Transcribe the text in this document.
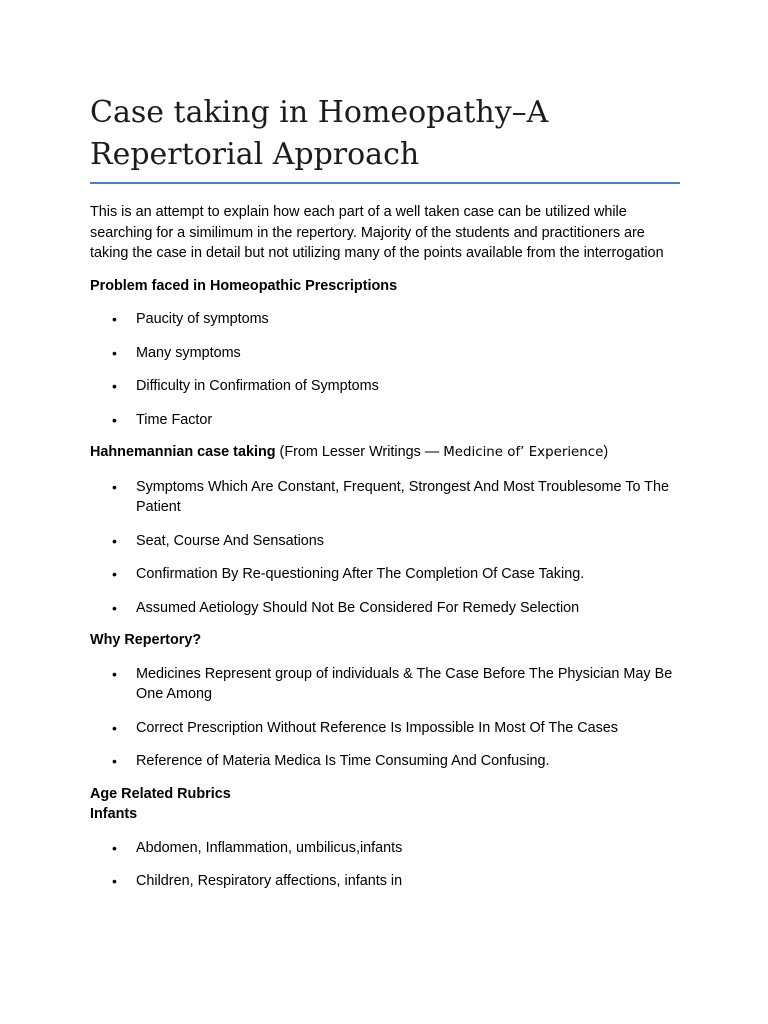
Case taking in Homeopathy–A
Repertorial Approach

This is an attempt to explain how each part of a well taken case can be utilized while searching for a similimum in the repertory. Majority of the students and practitioners are taking the case in detail but not utilizing many of the points available from the interrogation

Problem faced in Homeopathic Prescriptions

• Paucity of symptoms
• Many symptoms
• Difficulty in Confirmation of Symptoms
• Time Factor

Hahnemannian case taking (From Lesser Writings — Medicine of’ Experience)

• Symptoms Which Are Constant, Frequent, Strongest And Most Troublesome To The Patient
• Seat, Course And Sensations
• Confirmation By Re-questioning After The Completion Of Case Taking.
• Assumed Aetiology Should Not Be Considered For Remedy Selection

Why Repertory?

• Medicines Represent group of individuals & The Case Before The Physician May Be One Among
• Correct Prescription Without Reference Is Impossible In Most Of The Cases
• Reference of Materia Medica Is Time Consuming And Confusing.

Age Related Rubrics

Infants

• Abdomen, Inflammation, umbilicus,infants
• Children, Respiratory affections, infants in
